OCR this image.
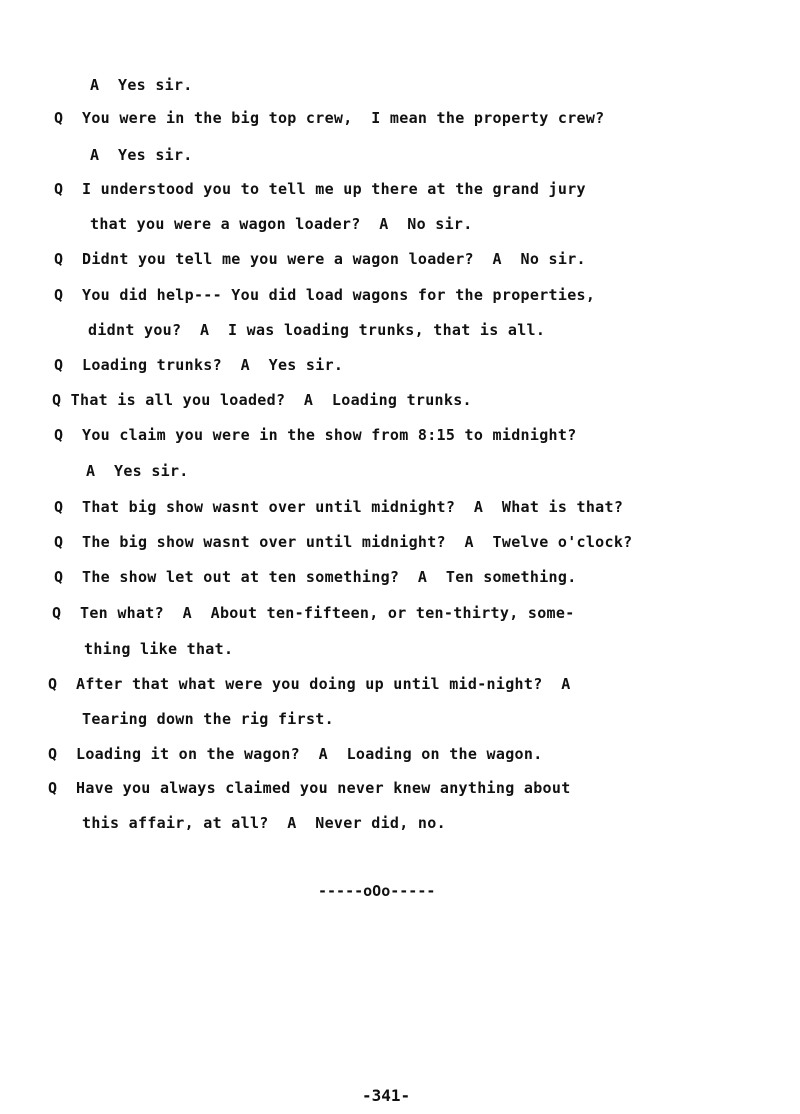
A  Yes sir.
Q  You were in the big top crew,  I mean the property crew?
A  Yes sir.
Q  I understood you to tell me up there at the grand jury
that you were a wagon loader?  A  No sir.
Q  Didnt you tell me you were a wagon loader?  A  No sir.
Q  You did help--- You did load wagons for the properties,
didnt you?  A  I was loading trunks, that is all.
Q  Loading trunks?  A  Yes sir.
Q That is all you loaded?  A  Loading trunks.
Q  You claim you were in the show from 8:15 to midnight?
A  Yes sir.
Q  That big show wasnt over until midnight?  A  What is that?
Q  The big show wasnt over until midnight?  A  Twelve o'clock?
Q  The show let out at ten something?  A  Ten something.
Q  Ten what?  A  About ten-fifteen, or ten-thirty, some-
thing like that.
Q  After that what were you doing up until mid-night?  A
Tearing down the rig first.
Q  Loading it on the wagon?  A  Loading on the wagon.
Q  Have you always claimed you never knew anything about
this affair, at all?  A  Never did, no.
-----oOo-----
-341-
